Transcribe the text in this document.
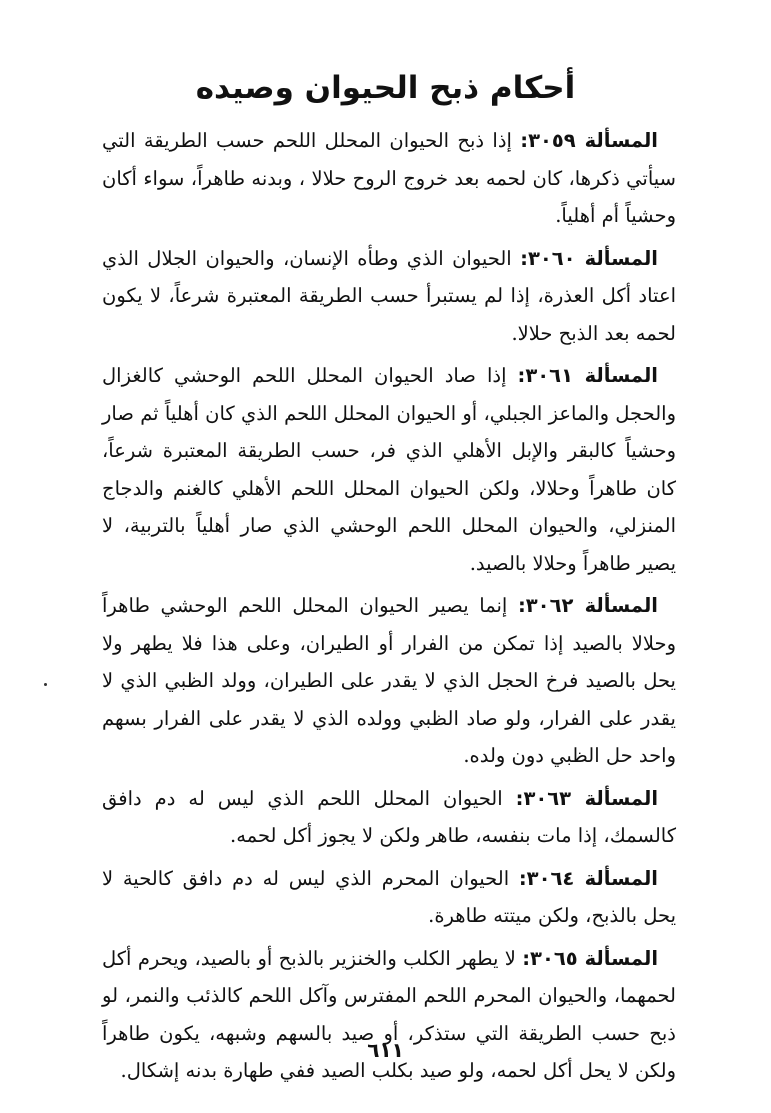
أحكام ذبح الحيوان وصيده

المسألة ٣٠٥٩: إذا ذبح الحيوان المحلل اللحم حسب الطريقة التي سيأتي ذكرها، كان لحمه بعد خروج الروح حلالا ، وبدنه طاهراً، سواء أكان وحشياً أم أهلياً.

المسألة ٣٠٦٠: الحيوان الذي وطأه الإنسان، والحيوان الجلال الذي اعتاد أكل العذرة، إذا لم يستبرأ حسب الطريقة المعتبرة شرعاً، لا يكون لحمه بعد الذبح حلالا.

المسألة ٣٠٦١: إذا صاد الحيوان المحلل اللحم الوحشي كالغزال والحجل والماعز الجبلي، أو الحيوان المحلل اللحم الذي كان أهلياً ثم صار وحشياً كالبقر والإبل الأهلي الذي فر، حسب الطريقة المعتبرة شرعاً، كان طاهراً وحلالا، ولكن الحيوان المحلل اللحم الأهلي كالغنم والدجاج المنزلي، والحيوان المحلل اللحم الوحشي الذي صار أهلياً بالتربية، لا يصير طاهراً وحلالا بالصيد.

المسألة ٣٠٦٢: إنما يصير الحيوان المحلل اللحم الوحشي طاهراً وحلالا بالصيد إذا تمكن من الفرار أو الطيران، وعلى هذا فلا يطهر ولا يحل بالصيد فرخ الحجل الذي لا يقدر على الطيران، وولد الظبي الذي لا يقدر على الفرار، ولو صاد الظبي وولده الذي لا يقدر على الفرار بسهم واحد حل الظبي دون ولده.

المسألة ٣٠٦٣: الحيوان المحلل اللحم الذي ليس له دم دافق كالسمك، إذا مات بنفسه، طاهر ولكن لا يجوز أكل لحمه.

المسألة ٣٠٦٤: الحيوان المحرم الذي ليس له دم دافق كالحية لا يحل بالذبح، ولكن ميتته طاهرة.

المسألة ٣٠٦٥: لا يطهر الكلب والخنزير بالذبح أو بالصيد، ويحرم أكل لحمهما، والحيوان المحرم اللحم المفترس وآكل اللحم كالذئب والنمر، لو ذبح حسب الطريقة التي ستذكر، أو صيد بالسهم وشبهه، يكون طاهراً ولكن لا يحل أكل لحمه، ولو صيد بكلب الصيد ففي طهارة بدنه إشكال.

٦١١
